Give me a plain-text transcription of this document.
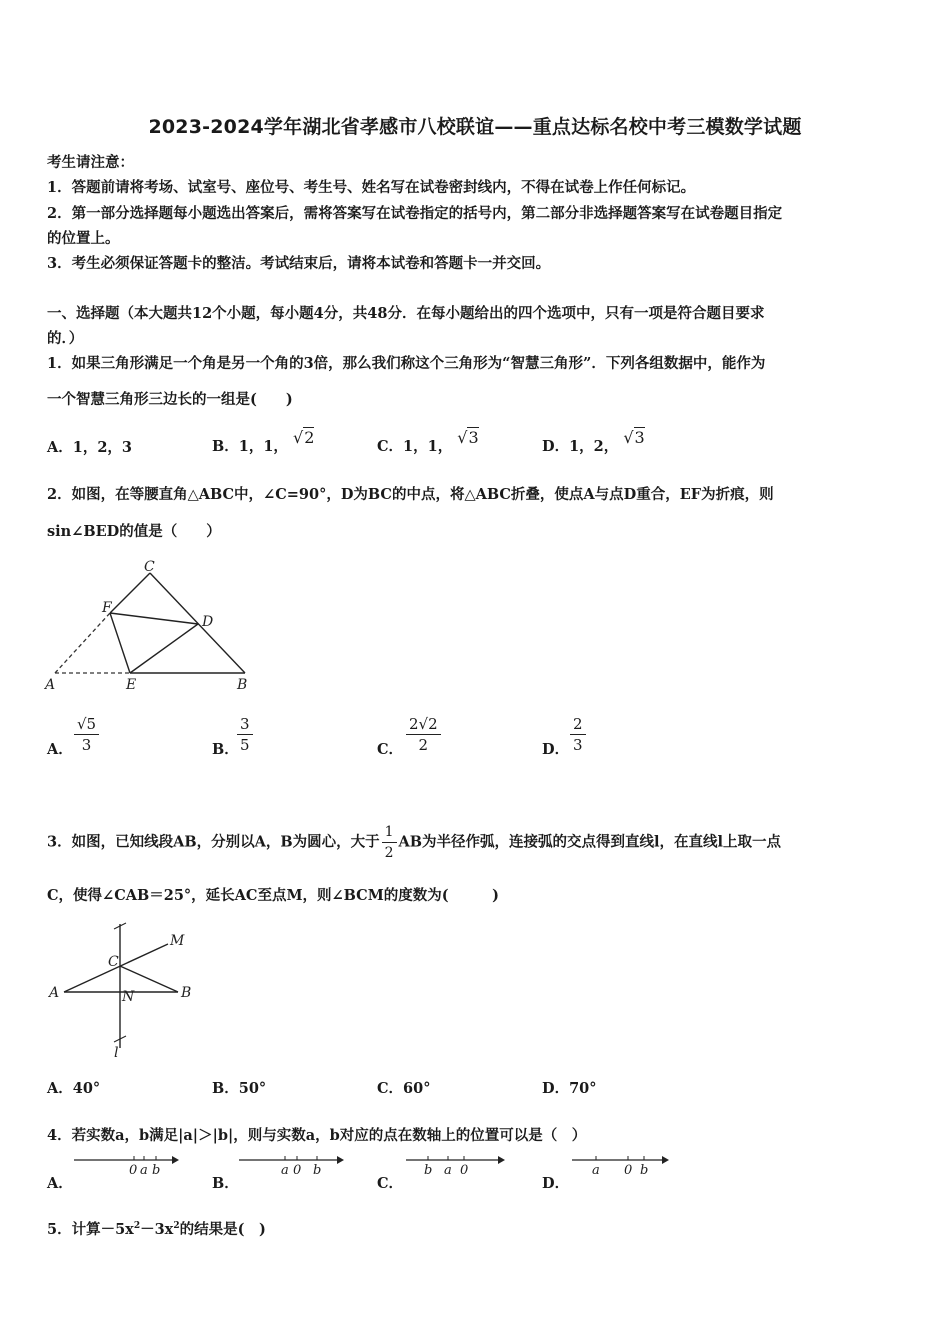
2023-2024学年湖北省孝感市八校联谊——重点达标名校中考三模数学试题
考生请注意：
1．答题前请将考场、试室号、座位号、考生号、姓名写在试卷密封线内，不得在试卷上作任何标记。
2．第一部分选择题每小题选出答案后，需将答案写在试卷指定的括号内，第二部分非选择题答案写在试卷题目指定
的位置上。
3．考生必须保证答题卡的整洁。考试结束后，请将本试卷和答题卡一并交回。
一、选择题（本大题共12个小题，每小题4分，共48分．在每小题给出的四个选项中，只有一项是符合题目要求
的．）
1．如果三角形满足一个角是另一个角的3倍，那么我们称这个三角形为“智慧三角形”．下列各组数据中，能作为
一个智慧三角形三边长的一组是(　　)
A．1，2，3	B．1，1， √2	C．1，1， √3	D．1，2， √3
2．如图，在等腰直角△ABC中，∠C=90°，D为BC的中点，将△ABC折叠，使点A与点D重合，EF为折痕，则
sin∠BED的值是（　　）
C
F
D
A	E	B
A． $\frac{√5}{3}$	B．
$\frac{3}{5}$	C． $\frac{2√2}{2}$	D． $\frac{2}{3}$
3．如图，已知线段AB，分别以A，B为圆心，大于 $\frac{1}{2}$ AB为半径作弧，连接弧的交点得到直线l，在直线l上取一点
C，使得∠CAB＝25°，延长AC至点M，则∠BCM的度数为(　　　)
M
C
A	N	B
l
A．40°	B．50°	C．60°	D．70°
4．若实数a，b满足|a|＞|b|，则与实数a，b对应的点在数轴上的位置可以是（　）
A．
0 a b
B．
a 0 b
C．
b a 0
D．
a 0 b
5．计算$-5x^2-3x^2$的结果是(　)
